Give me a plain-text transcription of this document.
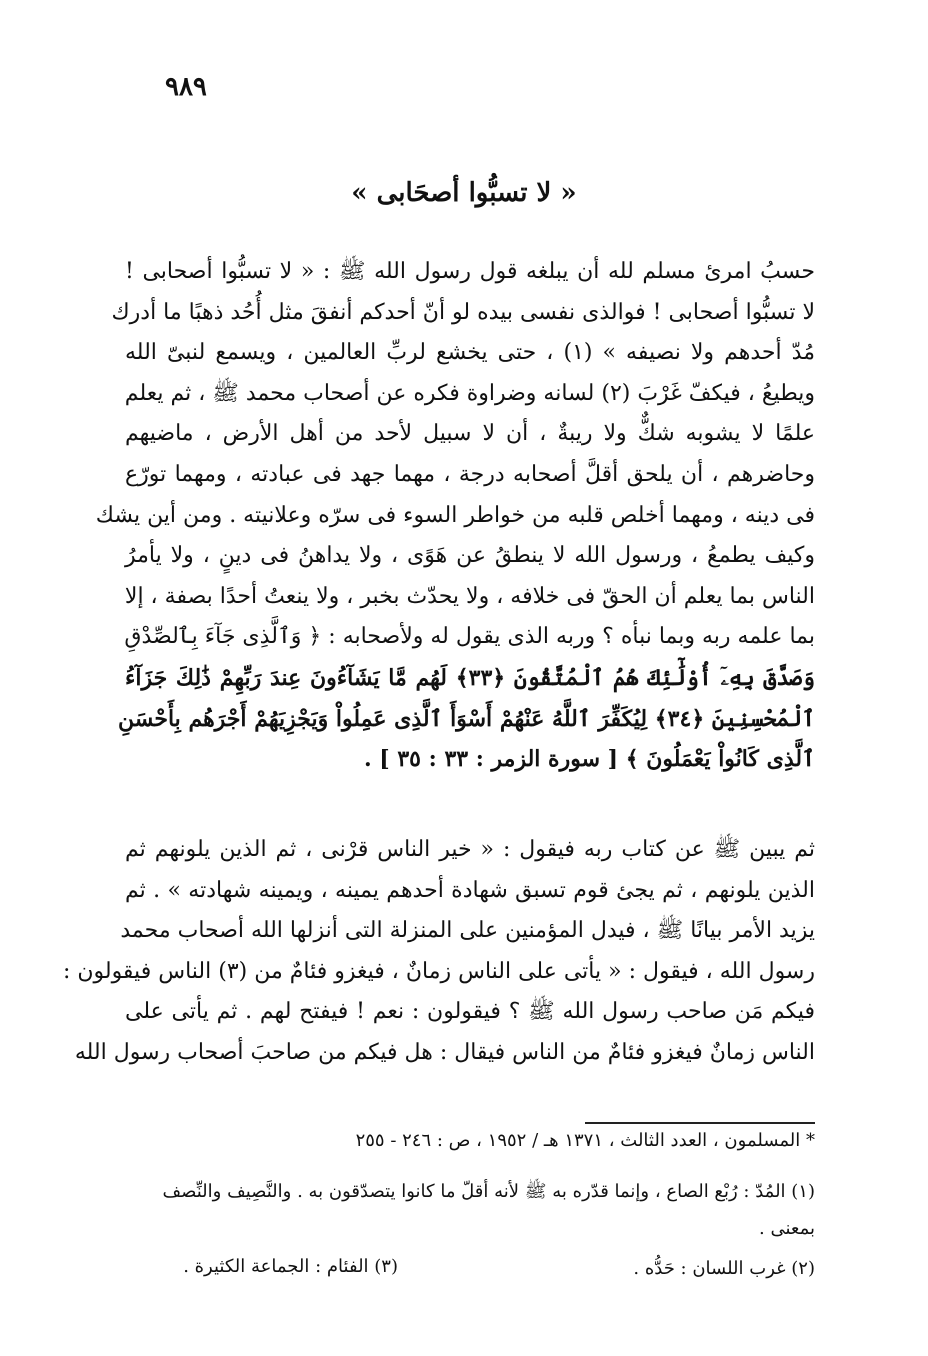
٩٨٩
« لا تسبُّوا أصحَابى »
حسبُ امرئ مسلم لله أن يبلغه قول رسول الله ﷺ : « لا تسبُّوا أصحابى !
لا تسبُّوا أصحابى ! فوالذى نفسى بيده لو أنّ أحدكم أنفقَ مثل أُحُد ذهبًا ما أدرك
مُدّ أحدهم ولا نصيفه » (١) ، حتى يخشع لربِّ العالمين ، ويسمع لنبىّ الله
ويطيعُ ، فيكفّ غَرْبَ (٢) لسانه وضراوة فكره عن أصحاب محمد ﷺ ، ثم يعلم
علمًا لا يشوبه شكٌّ ولا ريبةٌ ، أن لا سبيل لأحد من أهل الأرض ، ماضيهم
وحاضرهم ، أن يلحق أقلَّ أصحابه درجة ، مهما جهد فى عبادته ، ومهما تورّع
فى دينه ، ومهما أخلص قلبه من خواطر السوء فى سرّه وعلانيته . ومن أين يشك
وكيف يطمعُ ، ورسول الله لا ينطقُ عن هَوًى ، ولا يداهنُ فى دينٍ ، ولا يأمرُ
الناس بما يعلم أن الحقّ فى خلافه ، ولا يحدّث بخبر ، ولا ينعتُ أحدًا بصفة ، إلا
بما علمه ربه وبما نبأه ؟ وربه الذى يقول له ولأصحابه : ﴿ وَٱلَّذِى جَآءَ بِٱلصِّدْقِ
وَصَدَّقَ بِهِۦٓ أُوْلَٰٓئِكَ هُمُ ٱلْمُتَّقُونَ ﴿٣٣﴾ لَهُم مَّا يَشَآءُونَ عِندَ رَبِّهِمْ ذَٰلِكَ جَزَآءُ
ٱلْمُحْسِنِينَ ﴿٣٤﴾ لِيُكَفِّرَ ٱللَّهُ عَنْهُمْ أَسْوَأَ ٱلَّذِى عَمِلُواْ وَيَجْزِيَهُمْ أَجْرَهُم بِأَحْسَنِ
ٱلَّذِى كَانُواْ يَعْمَلُونَ ﴾ [ سورة الزمر : ٣٣ : ٣٥ ] .
ثم يبين ﷺ عن كتاب ربه فيقول : « خير الناس قرْنى ، ثم الذين يلونهم ثم
الذين يلونهم ، ثم يجئ قوم تسبق شهادة أحدهم يمينه ، ويمينه شهادته » . ثم
يزيد الأمر بيانًا ﷺ ، فيدل المؤمنين على المنزلة التى أنزلها الله أصحاب محمد
رسول الله ، فيقول : « يأتى على الناس زمانٌ ، فيغزو فئامٌ من (٣) الناس فيقولون :
فيكم مَن صاحب رسول الله ﷺ ؟ فيقولون : نعم ! فيفتح لهم . ثم يأتى على
الناس زمانٌ فيغزو فئامٌ من الناس فيقال : هل فيكم من صاحبَ أصحاب رسول الله
* المسلمون ، العدد الثالث ، ١٣٧١ هـ / ١٩٥٢ ، ص : ٢٤٦ - ٢٥٥
(١) المُدّ : رُبْع الصاع ، وإنما قدّره به ﷺ لأنه أقلّ ما كانوا يتصدّقون به . والنَّصِيف والنِّصف
بمعنى .
(٢) غرب اللسان : حَدُّه .
(٣) الفئام : الجماعة الكثيرة .
